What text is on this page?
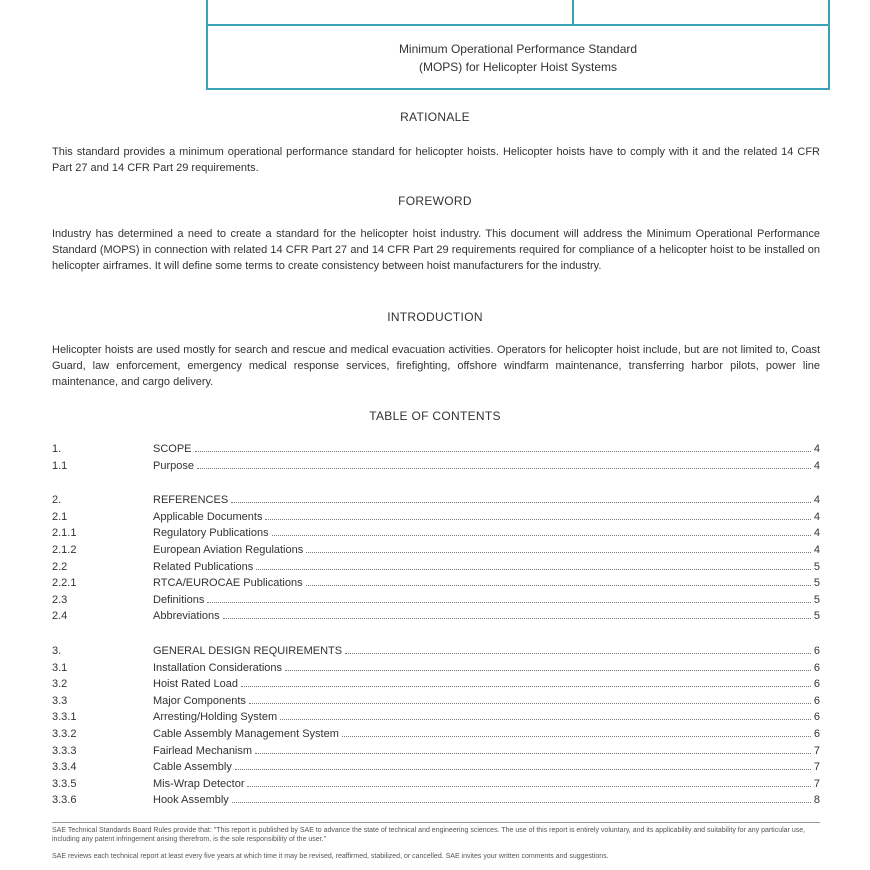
Minimum Operational Performance Standard
(MOPS) for Helicopter Hoist Systems
RATIONALE

This standard provides a minimum operational performance standard for helicopter hoists. Helicopter hoists have to comply with it and the related 14 CFR Part 27 and 14 CFR Part 29 requirements.

FOREWORD

Industry has determined a need to create a standard for the helicopter hoist industry. This document will address the Minimum Operational Performance Standard (MOPS) in connection with related 14 CFR Part 27 and 14 CFR Part 29 requirements required for compliance of a helicopter hoist to be installed on helicopter airframes. It will define some terms to create consistency between hoist manufacturers for the industry.

INTRODUCTION

Helicopter hoists are used mostly for search and rescue and medical evacuation activities. Operators for helicopter hoist include, but are not limited to, Coast Guard, law enforcement, emergency medical response services, firefighting, offshore windfarm maintenance, transferring harbor pilots, power line maintenance, and cargo delivery.

TABLE OF CONTENTS
1.	SCOPE	4
1.1	Purpose	4
2.	REFERENCES	4
2.1	Applicable Documents	4
2.1.1	Regulatory Publications	4
2.1.2	European Aviation Regulations	4
2.2	Related Publications	5
2.2.1	RTCA/EUROCAE Publications	5
2.3	Definitions	5
2.4	Abbreviations	5
3.	GENERAL DESIGN REQUIREMENTS	6
3.1	Installation Considerations	6
3.2	Hoist Rated Load	6
3.3	Major Components	6
3.3.1	Arresting/Holding System	6
3.3.2	Cable Assembly Management System	6
3.3.3	Fairlead Mechanism	7
3.3.4	Cable Assembly	7
3.3.5	Mis-Wrap Detector	7
3.3.6	Hook Assembly	8

SAE Technical Standards Board Rules provide that: "This report is published by SAE to advance the state of technical and engineering sciences. The use of this report is entirely voluntary, and its applicability and suitability for any particular use, including any patent infringement arising therefrom, is the sole responsibility of the user."

SAE reviews each technical report at least every five years at which time it may be revised, reaffirmed, stabilized, or cancelled. SAE invites your written comments and suggestions.
